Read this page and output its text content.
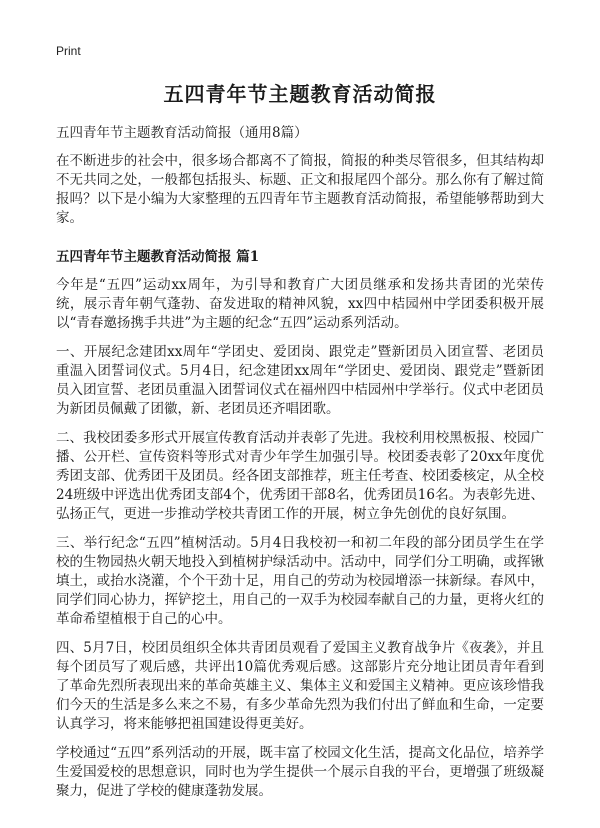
Print
五四青年节主题教育活动简报
五四青年节主题教育活动简报（通用8篇）

在不断进步的社会中，很多场合都离不了简报，简报的种类尽管很多，但其结构却不无共同之处，一般都包括报头、标题、正文和报尾四个部分。那么你有了解过简报吗？以下是小编为大家整理的五四青年节主题教育活动简报，希望能够帮助到大家。

五四青年节主题教育活动简报 篇1

今年是“五四”运动xx周年，为引导和教育广大团员继承和发扬共青团的光荣传统，展示青年朝气蓬勃、奋发进取的精神风貌，xx四中桔园州中学团委积极开展以“青春邀扬携手共进”为主题的纪念“五四”运动系列活动。

一、开展纪念建团xx周年“学团史、爱团岗、跟党走”暨新团员入团宣誓、老团员重温入团誓词仪式。5月4日，纪念建团xx周年“学团史、爱团岗、跟党走”暨新团员入团宣誓、老团员重温入团誓词仪式在福州四中桔园州中学举行。仪式中老团员为新团员佩戴了团徽，新、老团员还齐唱团歌。

二、我校团委多形式开展宣传教育活动并表彰了先进。我校利用校黑板报、校园广播、公开栏、宣传资料等形式对青少年学生加强引导。校团委表彰了20xx年度优秀团支部、优秀团干及团员。经各团支部推荐，班主任考查、校团委核定，从全校24班级中评选出优秀团支部4个，优秀团干部8名，优秀团员16名。为表彰先进、弘扬正气，更进一步推动学校共青团工作的开展，树立争先创优的良好氛围。

三、举行纪念“五四”植树活动。5月4日我校初一和初二年段的部分团员学生在学校的生物园热火朝天地投入到植树护绿活动中。活动中，同学们分工明确，或挥锹填土，或抬水浇灌，个个干劲十足，用自己的劳动为校园增添一抹新绿。春风中，同学们同心协力，挥铲挖土，用自己的一双手为校园奉献自己的力量，更将火红的革命希望植根于自己的心中。

四、5月7日，校团员组织全体共青团员观看了爱国主义教育战争片《夜袭》，并且每个团员写了观后感，共评出10篇优秀观后感。这部影片充分地让团员青年看到了革命先烈所表现出来的革命英雄主义、集体主义和爱国主义精神。更应该珍惜我们今天的生活是多么来之不易，有多少革命先烈为我们付出了鲜血和生命，一定要认真学习，将来能够把祖国建设得更美好。

学校通过“五四”系列活动的开展，既丰富了校园文化生活，提高文化品位，培养学生爱国爱校的思想意识，同时也为学生提供一个展示自我的平台，更增强了班级凝聚力，促进了学校的健康蓬勃发展。
